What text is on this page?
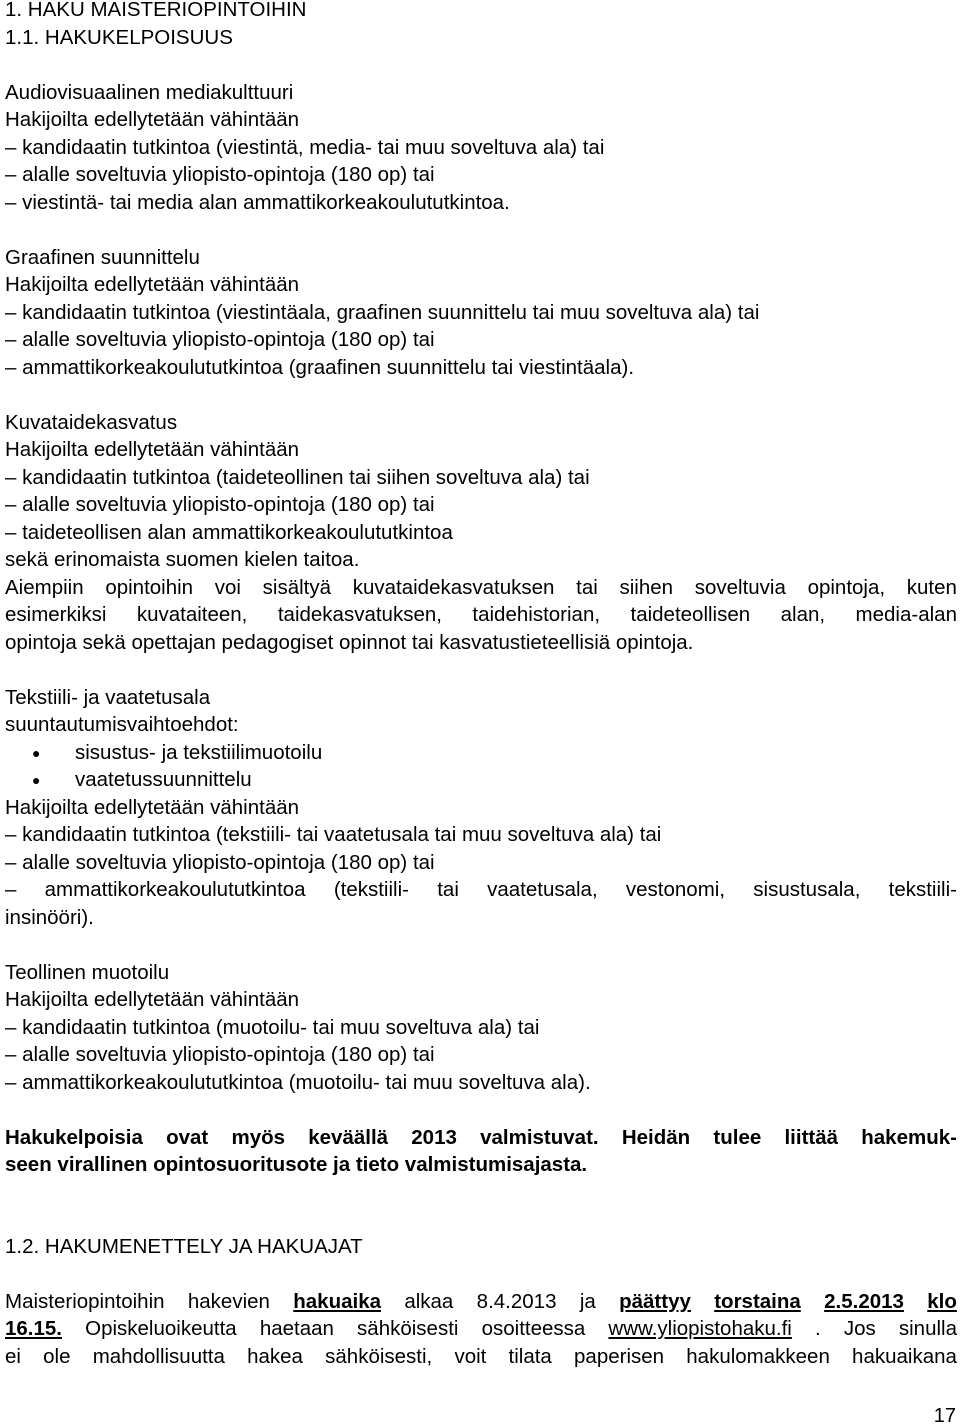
1. HAKU MAISTERIOPINTOIHIN
1.1. HAKUKELPOISUUS
Audiovisuaalinen mediakulttuuri
Hakijoilta edellytetään vähintään
– kandidaatin tutkintoa (viestintä, media- tai muu soveltuva ala) tai
– alalle soveltuvia yliopisto-opintoja (180 op) tai
– viestintä- tai media alan ammattikorkeakoulututkintoa.
Graafinen suunnittelu
Hakijoilta edellytetään vähintään
– kandidaatin tutkintoa (viestintäala, graafinen suunnittelu tai muu soveltuva ala) tai
– alalle soveltuvia yliopisto-opintoja (180 op) tai
– ammattikorkeakoulututkintoa (graafinen suunnittelu tai viestintäala).
Kuvataidekasvatus
Hakijoilta edellytetään vähintään
– kandidaatin tutkintoa (taideteollinen tai siihen soveltuva ala) tai
– alalle soveltuvia yliopisto-opintoja (180 op) tai
– taideteollisen alan ammattikorkeakoulututkintoa
sekä erinomaista suomen kielen taitoa.
Aiempiin opintoihin voi sisältyä kuvataidekasvatuksen tai siihen soveltuvia opintoja, kuten
esimerkiksi kuvataiteen, taidekasvatuksen, taidehistorian, taideteollisen alan, media-alan
opintoja sekä opettajan pedagogiset opinnot tai kasvatustieteellisiä opintoja.
Tekstiili- ja vaatetusala
suuntautumisvaihtoehdot:
● sisustus- ja tekstiilimuotoilu
● vaatetussuunnittelu
Hakijoilta edellytetään vähintään
– kandidaatin tutkintoa (tekstiili- tai vaatetusala tai muu soveltuva ala) tai
– alalle soveltuvia yliopisto-opintoja (180 op) tai
– ammattikorkeakoulututkintoa (tekstiili- tai vaatetusala, vestonomi, sisustusala, tekstiili-
insinööri).
Teollinen muotoilu
Hakijoilta edellytetään vähintään
– kandidaatin tutkintoa (muotoilu- tai muu soveltuva ala) tai
– alalle soveltuvia yliopisto-opintoja (180 op) tai
– ammattikorkeakoulututkintoa (muotoilu- tai muu soveltuva ala).
Hakukelpoisia ovat myös keväällä 2013 valmistuvat. Heidän tulee liittää hakemuk-
seen virallinen opintosuoritusote ja tieto valmistumisajasta.
1.2. HAKUMENETTELY JA HAKUAJAT
Maisteriopintoihin hakevien hakuaika alkaa 8.4.2013 ja päättyy torstaina 2.5.2013 klo
16.15. Opiskeluoikeutta haetaan sähköisesti osoitteessa www.yliopistohaku.fi . Jos sinulla
ei ole mahdollisuutta hakea sähköisesti, voit tilata paperisen hakulomakkeen hakuaikana
17
